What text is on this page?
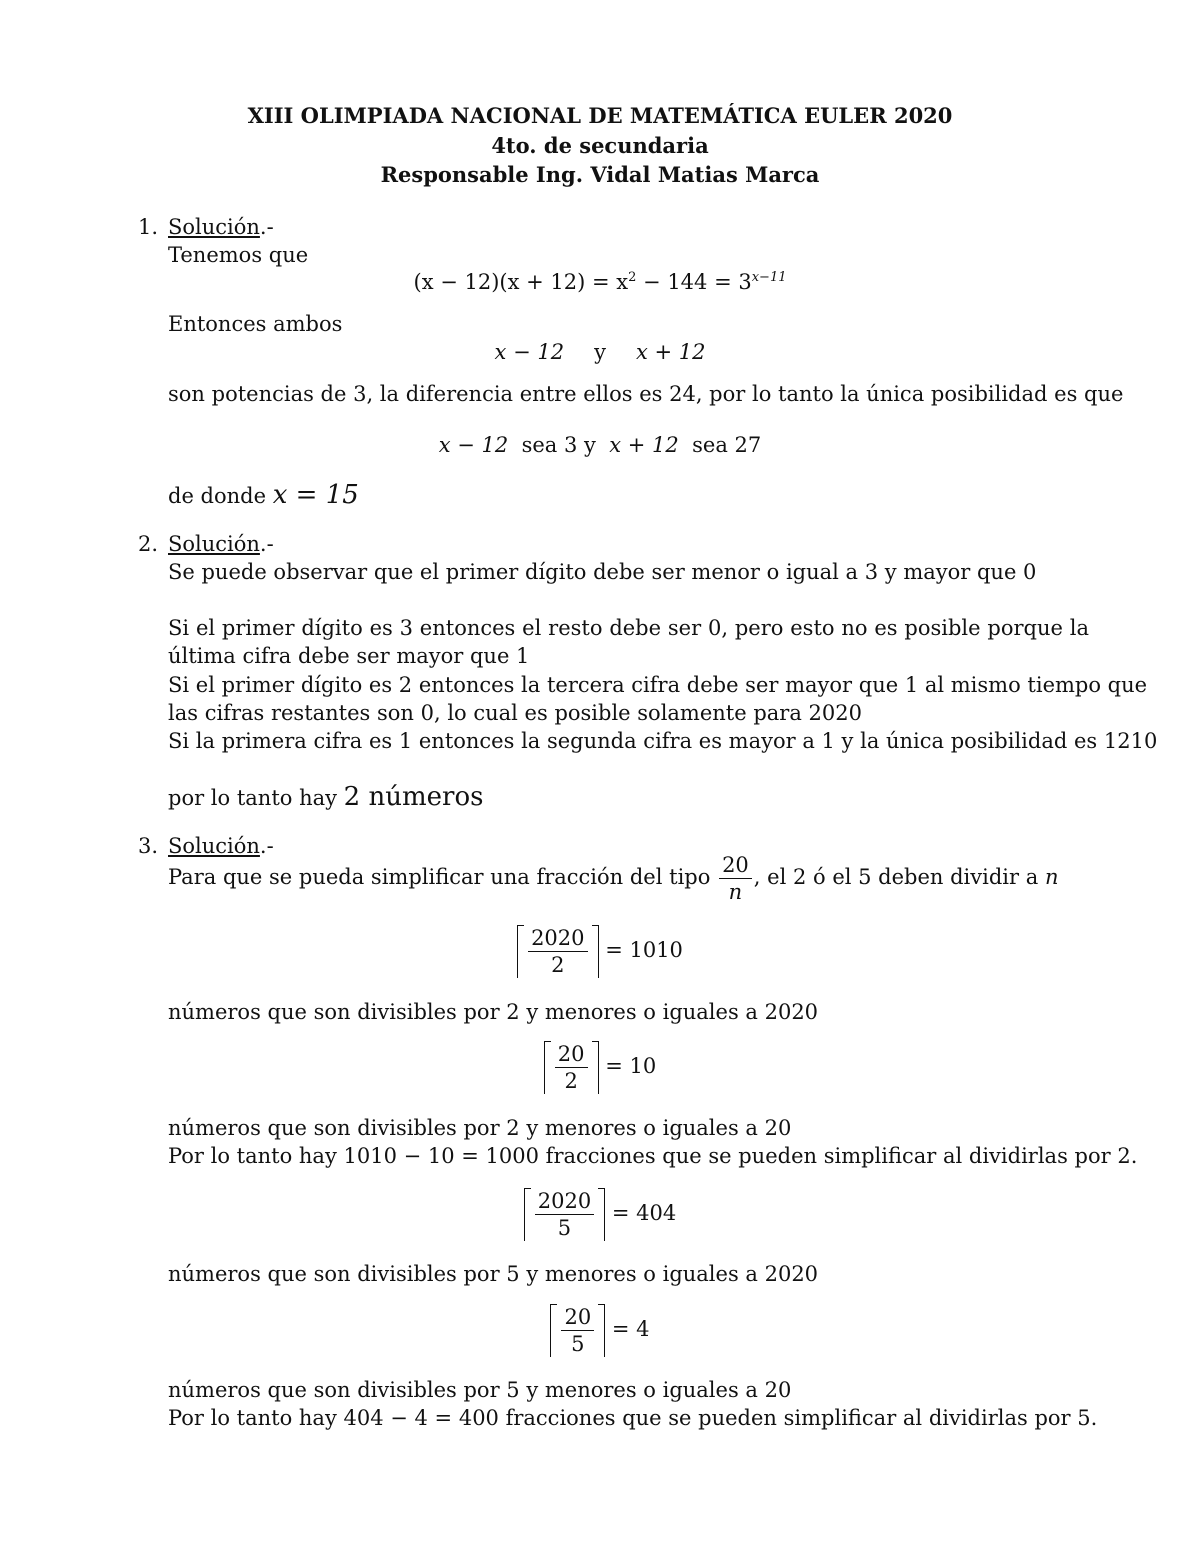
XIII OLIMPIADA NACIONAL DE MATEMÁTICA EULER 2020
4to. de secundaria
Responsable Ing. Vidal Matias Marca
1. Solución.-
Tenemos que
$(x - 12)(x + 12) = x^2 - 144 = 3^{x-11}$
Entonces ambos
x − 12 y x + 12
son potencias de 3, la diferencia entre ellos es 24, por lo tanto la única posibilidad es que
x − 12 sea 3 y x + 12 sea 27
de donde x = 15
2. Solución.-
Se puede observar que el primer dígito debe ser menor o igual a 3 y mayor que 0
Si el primer dígito es 3 entonces el resto debe ser 0, pero esto no es posible porque la
última cifra debe ser mayor que 1
Si el primer dígito es 2 entonces la tercera cifra debe ser mayor que 1 al mismo tiempo que
las cifras restantes son 0, lo cual es posible solamente para 2020
Si la primera cifra es 1 entonces la segunda cifra es mayor a 1 y la única posibilidad es 1210
por lo tanto hay 2 números
3. Solución.-
Para que se pueda simplificar una fracción del tipo $\frac{20}{n}$ , el 2 ó el 5 deben dividir a n
$\frac{2020}{2} = 1010$
números que son divisibles por 2 y menores o iguales a 2020
$\frac{20}{2} = 10$
números que son divisibles por 2 y menores o iguales a 20
Por lo tanto hay 1010 − 10 = 1000 fracciones que se pueden simplificar al dividirlas por 2.
$\frac{2020}{5} = 404$
números que son divisibles por 5 y menores o iguales a 2020
$\frac{20}{5} = 4$
números que son divisibles por 5 y menores o iguales a 20
Por lo tanto hay 404 − 4 = 400 fracciones que se pueden simplificar al dividirlas por 5.
